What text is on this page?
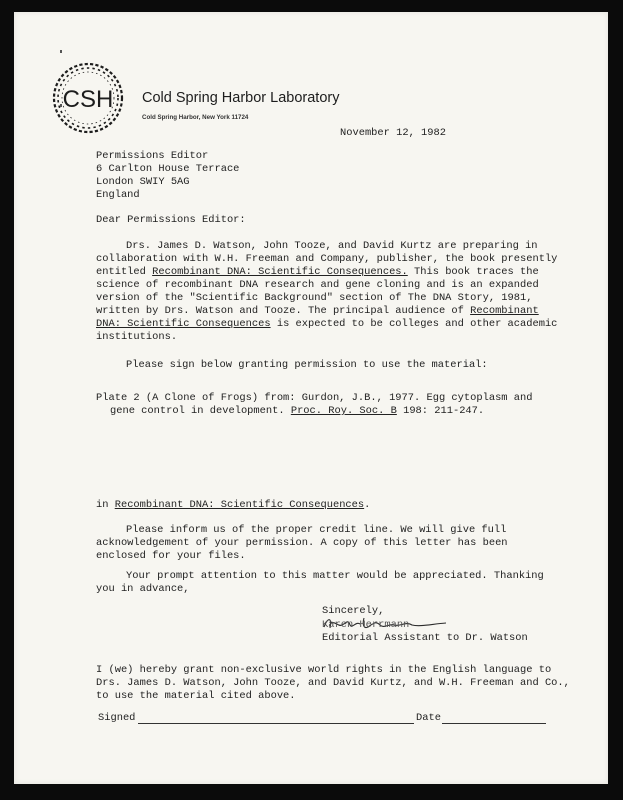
CSH Cold Spring Harbor Laboratory
Cold Spring Harbor, New York 11724
November 12, 1982
Permissions Editor
6 Carlton House Terrace
London SWIY 5AG
England
Dear Permissions Editor:
Drs. James D. Watson, John Tooze, and David Kurtz are preparing in
collaboration with W.H. Freeman and Company, publisher, the book presently
entitled Recombinant DNA: Scientific Consequences. This book traces the
science of recombinant DNA research and gene cloning and is an expanded
version of the "Scientific Background" section of The DNA Story, 1981,
written by Drs. Watson and Tooze. The principal audience of Recombinant
DNA: Scientific Consequences is expected to be colleges and other academic
institutions.
Please sign below granting permission to use the material:
Plate 2 (A Clone of Frogs) from: Gurdon, J.B., 1977. Egg cytoplasm and
gene control in development. Proc. Roy. Soc. B 198: 211-247.
in Recombinant DNA: Scientific Consequences.
Please inform us of the proper credit line. We will give full
acknowledgement of your permission. A copy of this letter has been
enclosed for your files.
Your prompt attention to this matter would be appreciated. Thanking
you in advance,
Sincerely,
Karen Herrmann
Editorial Assistant to Dr. Watson
I (we) hereby grant non-exclusive world rights in the English language to
Drs. James D. Watson, John Tooze, and David Kurtz, and W.H. Freeman and Co.,
to use the material cited above.
Signed	Date
